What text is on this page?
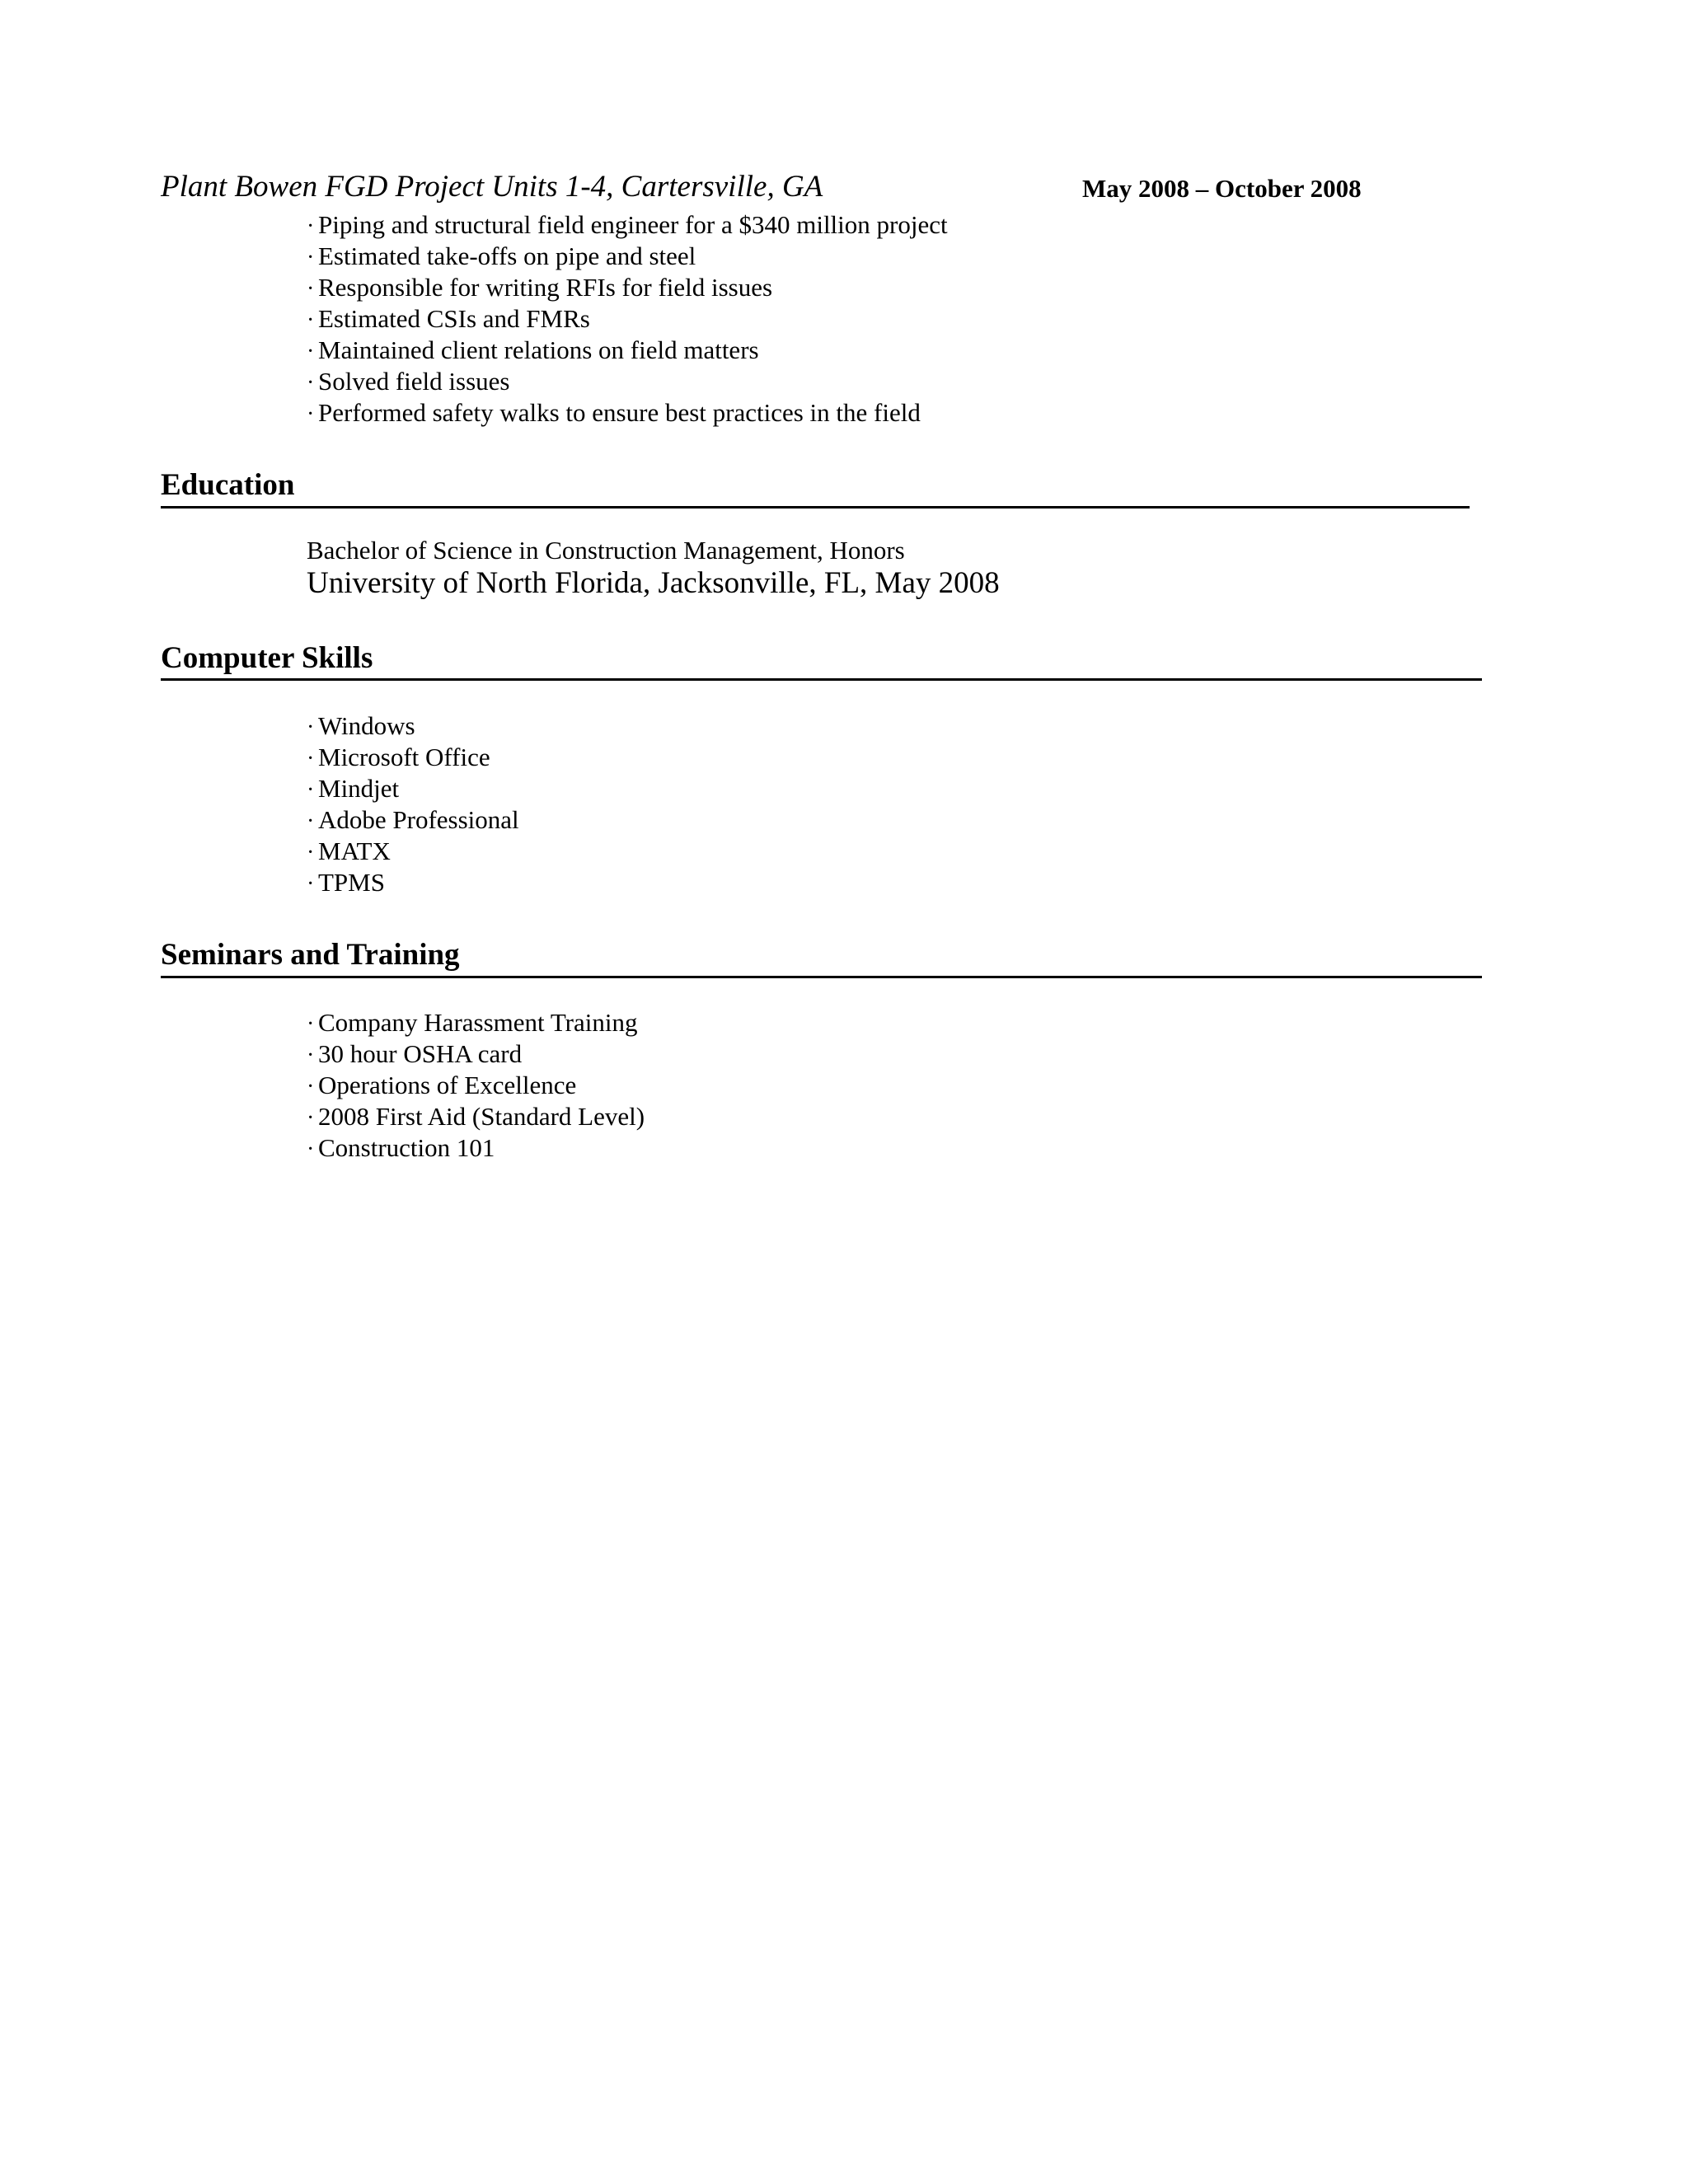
Plant Bowen FGD Project Units 1-4, Cartersville, GA	May 2008 – October 2008
· Piping and structural field engineer for a $340 million project
· Estimated take-offs on pipe and steel
· Responsible for writing RFIs for field issues
· Estimated CSIs and FMRs
· Maintained client relations on field matters
· Solved field issues
· Performed safety walks to ensure best practices in the field
Education
Bachelor of Science in Construction Management, Honors
University of North Florida, Jacksonville, FL, May 2008
Computer Skills
· Windows
· Microsoft Office
· Mindjet
· Adobe Professional
· MATX
· TPMS
Seminars and Training
· Company Harassment Training
· 30 hour OSHA card
· Operations of Excellence
· 2008 First Aid (Standard Level)
· Construction 101
